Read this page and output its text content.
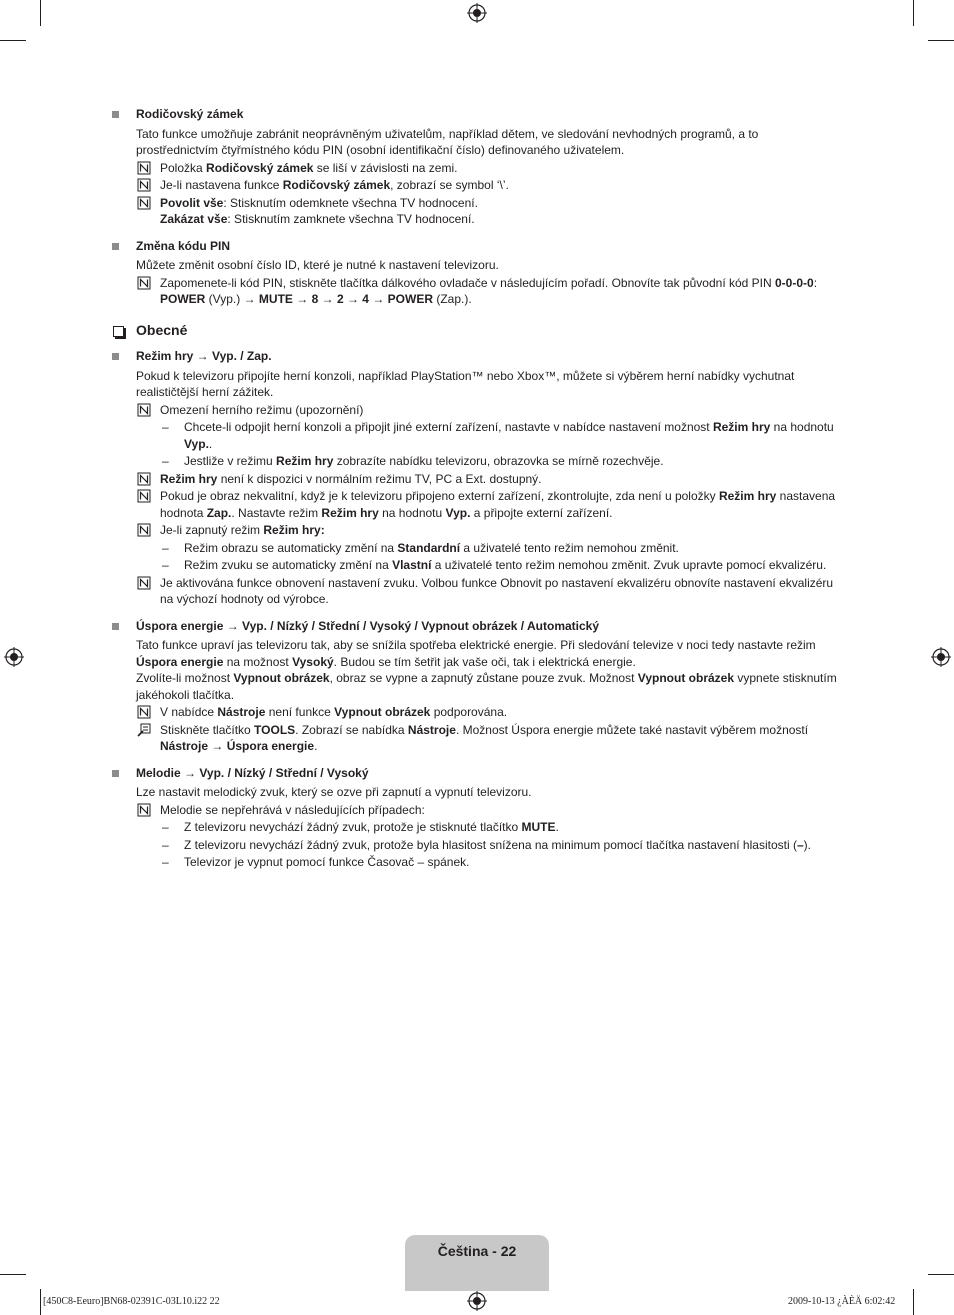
Rodičovský zámek
Tato funkce umožňuje zabránit neoprávněným uživatelům, například dětem, ve sledování nevhodných programů, a to prostřednictvím čtyřmístného kódu PIN (osobní identifikační číslo) definovaného uživatelem.
Položka Rodičovský zámek se liší v závislosti na zemi.
Je-li nastavena funkce Rodičovský zámek, zobrazí se symbol ‘\’.
Povolit vše: Stisknutím odemknete všechna TV hodnocení.
Zakázat vše: Stisknutím zamknete všechna TV hodnocení.
Změna kódu PIN
Můžete změnit osobní číslo ID, které je nutné k nastavení televizoru.
Zapomenete-li kód PIN, stiskněte tlačítka dálkového ovladače v následujícím pořadí. Obnovíte tak původní kód PIN 0-0-0-0:
POWER (Vyp.) → MUTE → 8 → 2 → 4 → POWER (Zap.).
Obecné
Režim hry → Vyp. / Zap.
Pokud k televizoru připojíte herní konzoli, například PlayStation™ nebo Xbox™, můžete si výběrem herní nabídky vychutnat realističtější herní zážitek.
Omezení herního režimu (upozornění)
– Chcete-li odpojit herní konzoli a připojit jiné externí zařízení, nastavte v nabídce nastavení možnost Režim hry na hodnotu Vyp..
– Jestliže v režimu Režim hry zobrazíte nabídku televizoru, obrazovka se mírně rozechvěje.
Režim hry není k dispozici v normálním režimu TV, PC a Ext. dostupný.
Pokud je obraz nekvalitní, když je k televizoru připojeno externí zařízení, zkontrolujte, zda není u položky Režim hry nastavena hodnota Zap.. Nastavte režim Režim hry na hodnotu Vyp. a připojte externí zařízení.
Je-li zapnutý režim Režim hry:
– Režim obrazu se automaticky změní na Standardní a uživatelé tento režim nemohou změnit.
– Režim zvuku se automaticky změní na Vlastní a uživatelé tento režim nemohou změnit. Zvuk upravte pomocí ekvalizéru.
Je aktivována funkce obnovení nastavení zvuku. Volbou funkce Obnovit po nastavení ekvalizéru obnovíte nastavení ekvalizéru na výchozí hodnoty od výrobce.
Úspora energie → Vyp. / Nízký / Střední / Vysoký / Vypnout obrázek / Automatický
Tato funkce upraví jas televizoru tak, aby se snížila spotřeba elektrické energie. Při sledování televize v noci tedy nastavte režim Úspora energie na možnost Vysoký. Budou se tím šetřit jak vaše oči, tak i elektrická energie.
Zvolíte-li možnost Vypnout obrázek, obraz se vypne a zapnutý zůstane pouze zvuk. Možnost Vypnout obrázek vypnete stisknutím jakéhokoli tlačítka.
V nabídce Nástroje není funkce Vypnout obrázek podporována.
Stiskněte tlačítko TOOLS. Zobrazí se nabídka Nástroje. Možnost Úspora energie můžete také nastavit výběrem možností Nástroje → Úspora energie.
Melodie → Vyp. / Nízký / Střední / Vysoký
Lze nastavit melodický zvuk, který se ozve při zapnutí a vypnutí televizoru.
Melodie se nepřehrává v následujících případech:
– Z televizoru nevychází žádný zvuk, protože je stisknuté tlačítko MUTE.
– Z televizoru nevychází žádný zvuk, protože byla hlasitost snížena na minimum pomocí tlačítka nastavení hlasitosti (–).
– Televizor je vypnut pomocí funkce Časovač – spánek.
Čeština - 22
[450C8-Eeuro]BN68-02391C-03L10.i22 22	2009-10-13 ¿ÀÈÄ 6:02:42
